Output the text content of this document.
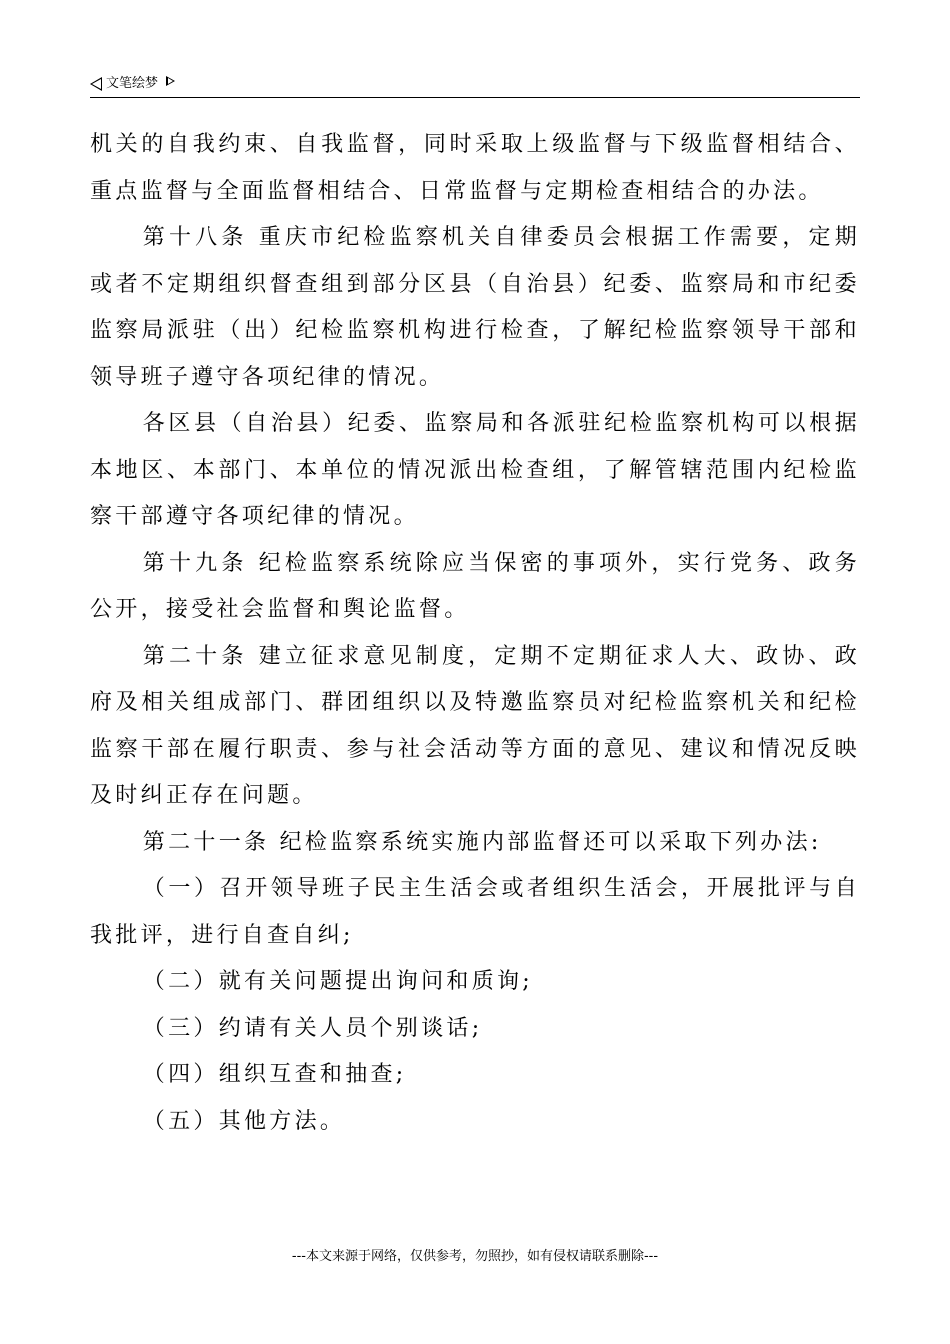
文笔绘梦

机关的自我约束、自我监督，同时采取上级监督与下级监督相结合、重点监督与全面监督相结合、日常监督与定期检查相结合的办法。

第十八条 重庆市纪检监察机关自律委员会根据工作需要，定期或者不定期组织督查组到部分区县（自治县）纪委、监察局和市纪委监察局派驻（出）纪检监察机构进行检查，了解纪检监察领导干部和领导班子遵守各项纪律的情况。

各区县（自治县）纪委、监察局和各派驻纪检监察机构可以根据本地区、本部门、本单位的情况派出检查组，了解管辖范围内纪检监察干部遵守各项纪律的情况。

第十九条 纪检监察系统除应当保密的事项外，实行党务、政务公开，接受社会监督和舆论监督。

第二十条 建立征求意见制度，定期不定期征求人大、政协、政府及相关组成部门、群团组织以及特邀监察员对纪检监察机关和纪检监察干部在履行职责、参与社会活动等方面的意见、建议和情况反映及时纠正存在问题。

第二十一条 纪检监察系统实施内部监督还可以采取下列办法:

（一）召开领导班子民主生活会或者组织生活会，开展批评与自我批评，进行自查自纠;

（二）就有关问题提出询问和质询;

（三）约请有关人员个别谈话;

（四）组织互查和抽查;

（五）其他方法。

---本文来源于网络，仅供参考，勿照抄，如有侵权请联系删除---
